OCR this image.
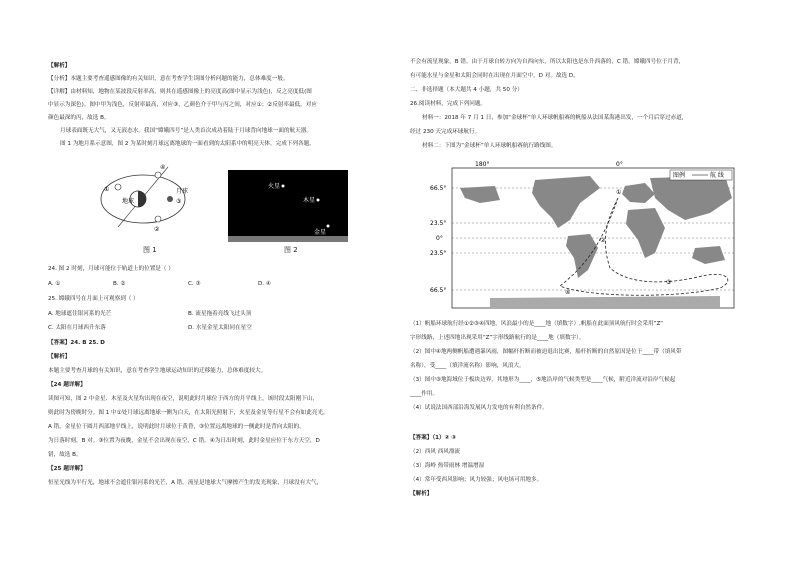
【解析】
【分析】本题主要考查遥感图像的有关知识，意在考查学生读图分析问题的能力，总体难度一般。
【详解】由材料知，地物在某波段反射率高，则其在遥感图像上的亮度高(图中显示为浅色)，反之亮度低(图
中显示为深色)。图中甲为浅色，反射率最高，对应③，乙颜色介于甲与丙之间，对应①；②反射率最低，对应
颜色最深的丙，故选 B。
月球表面既无大气，又无液态水。我国“嫦娥四号”是人类首次成功着陆于月球背向地球一面的航天器。
图 1 为地月系示意图，图 2 为某时刻月球远离地球的一面看到的太阳系中的明亮天体。完成下列各题。
①
④
②
③
地球
月球
图 1
火星
木星
金星
图 2
24. 图 2 时刻，月球可能位于轨道上的位置是（ ）
A. ①	B. ②	C. ③	D. ④
25. 嫦娥四号在月面上可观察到（ ）
A. 地球遮住银河系的光芒	B. 流星拖着亮线飞过头顶
C. 太阳在月球西升东落	D. 水星金星太阳同在星空
【答案】24. B 25. D
【解析】
本题主要考查月球的有关知识，意在考查学生地球运动知识的迁移能力，总体难度较大。
【24 题详解】
读图可知，图 2 中金星、木星及火星均出现在夜空，说明此时月球位于西方的月平线上，该时段太阳刚下山，
则此时为傍晚时分。图 1 中①处月球远离地球一侧为白天，在太阳光照射下，火星及金星等行星不会有如此亮光，
A 错。金星位于圆月西部地平线上，说明此时月球位于黄昏，③位置远离地球的一侧此时是背向太阳的，
为日落时刻，B 对。③位置为夜晚，金星不会出现在夜空，C 错。④为日出时刻，此时金星应位于东方天空，D
错，故选 B。
【25 题详解】
恒星光线为平行光，地球不会遮住银河系的光芒，A 错。流星是地球大气摩擦产生的发光现象，月球没有大气，
不会有流星现象，B 错。由于月球自转方向为自西向东，所以太阳也是东升西落的，C 错。嫦娥四号位于月背，
有可能水星与金星和太阳会同时在出现在月面空中，D 对。故选 D。
二、非选择题（本大题共 4 小题，共 50 分）
26.阅读材料，完成下列问题。
材料一：2018 年 7 月 1 日，参加“金球杯”单人环球帆船赛的帆船从法国某海港出发，一个月后穿过赤道，
经过 230 天完成环球航行。
材料二：下图为“金球杯”单人环球帆船赛航行路线图。
180°	0°
66.5°
23.5°
0°
23.5°
66.5°
图例	航 线
①
②
③
④
（1）帆船环球航行经①②③④四地，风浪最小的是____地（填数字）,帆船在此面顶风航行时会采用“Z”
字形线路，上述四地出现采用“Z”字形线路航行的是____地（填数字）。
（2）图中④地两侧帆船遭遇暴风雨，图幅杆折断而被迫退出比赛，船杆折断的自然原因是位于____带（填风带
名称），受____（填洋流名称）影响，风浪大。
（3）图中③地海域位于板块边界，其地形为____，⑤地沿岸的气候类型是____气候，附近洋流对沿岸气候起
____作用。
（4）试说法国西部沿海发展风力发电的有利自然条件。
【答案】（1）② ③
（2）西风 西风漂流
（3）海岭 热带雨林 增温增湿
（4）常年受西风影响；风力较强；风电场可用地多。
【解析】
